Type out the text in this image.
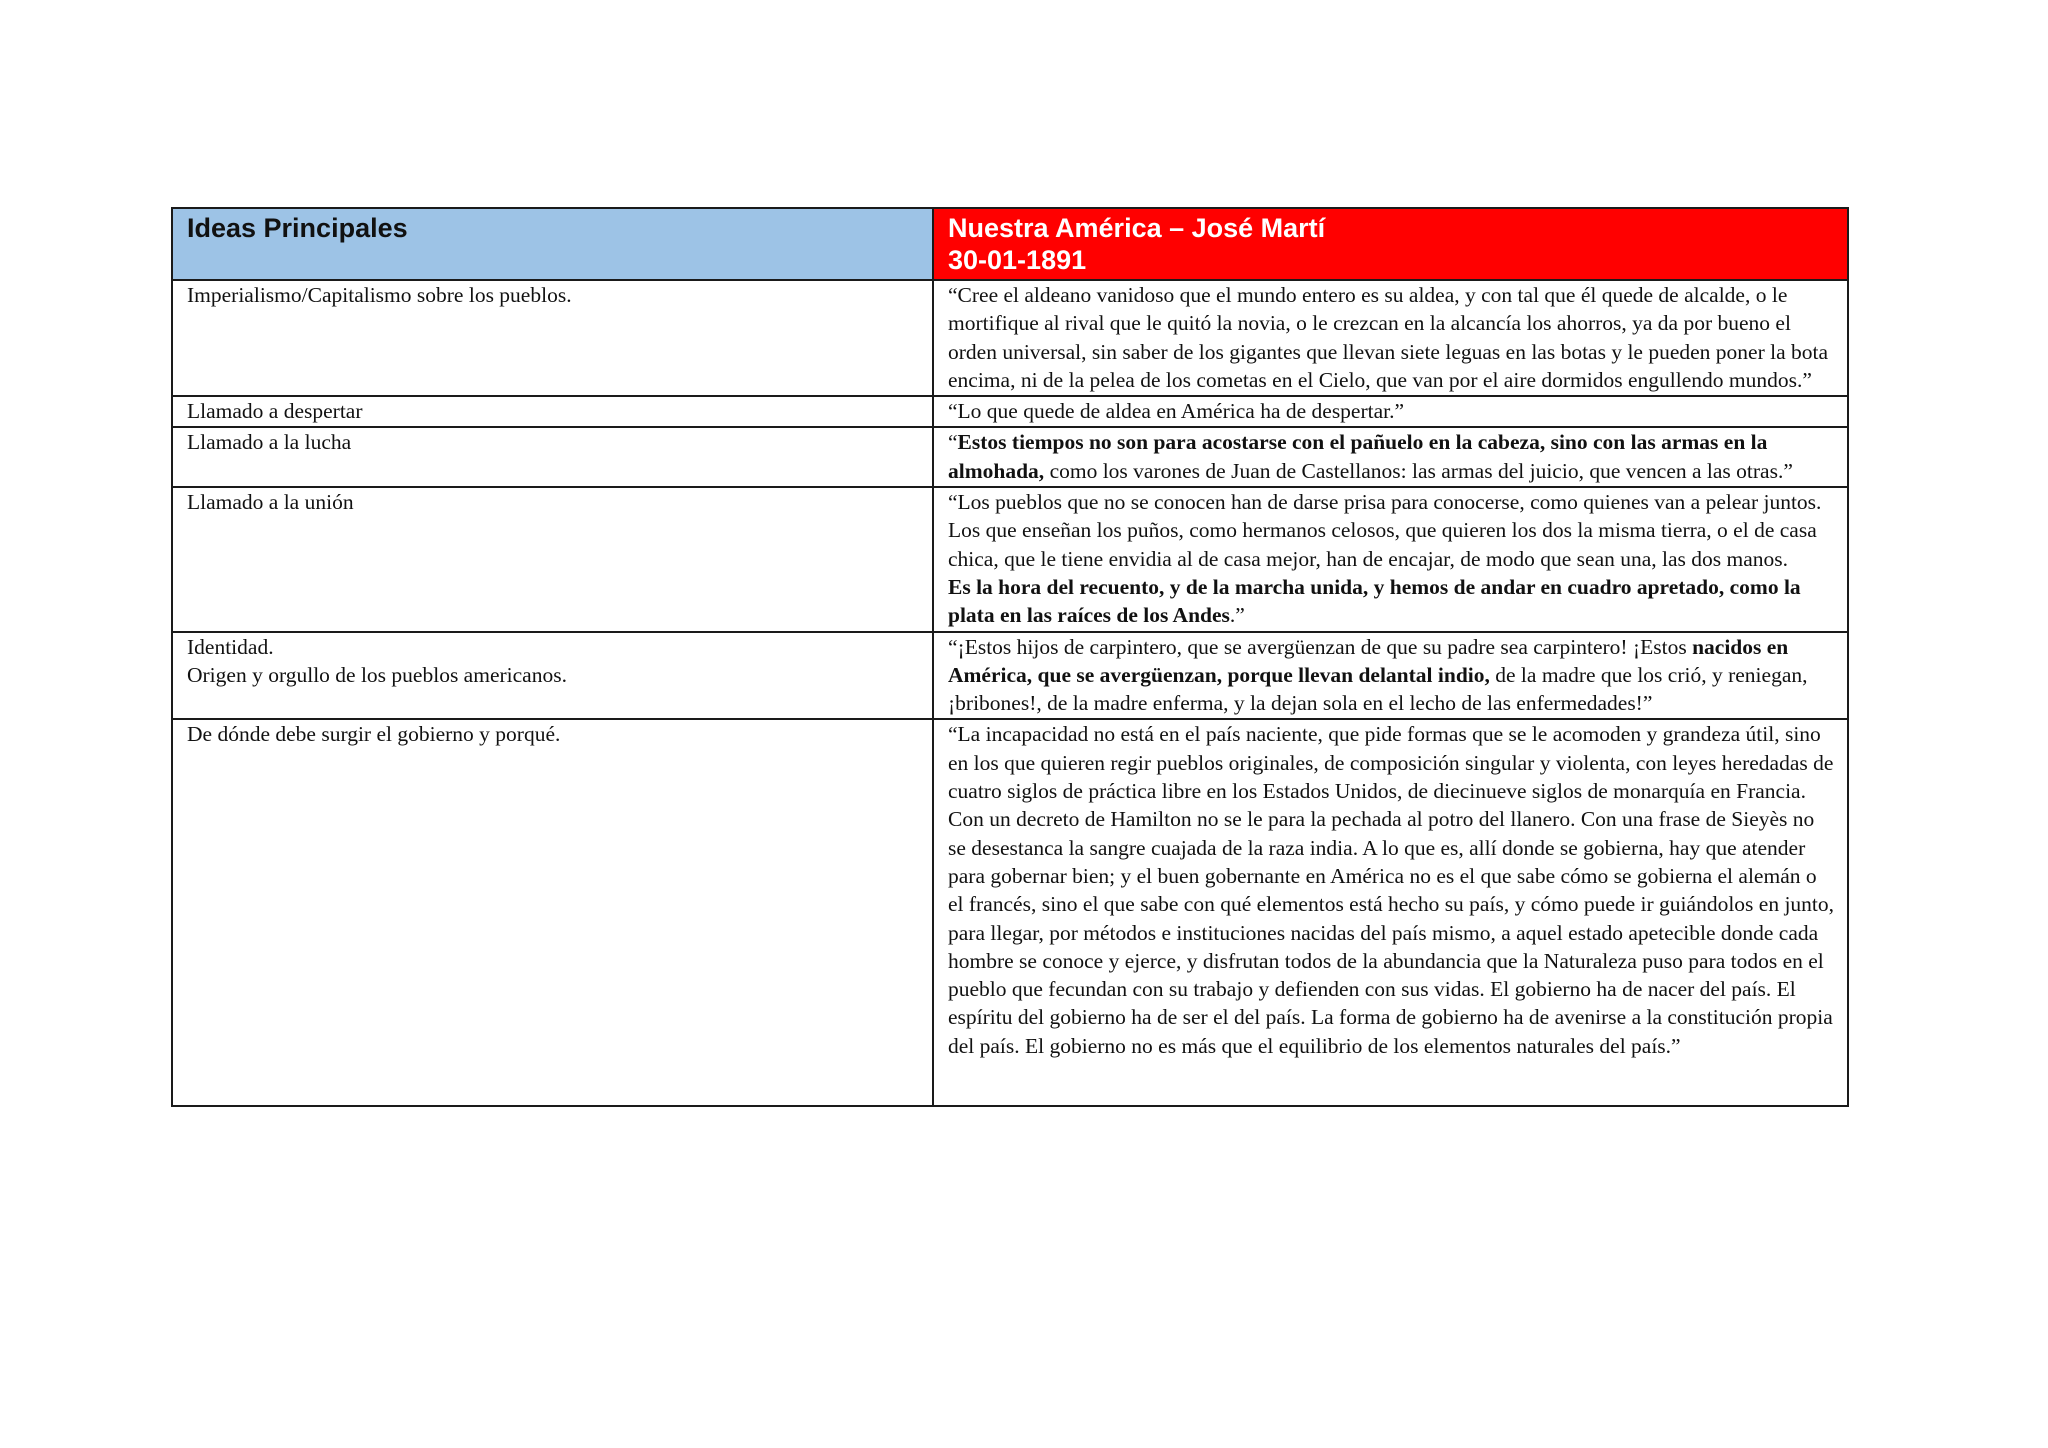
Ideas Principales	Nuestra América – José Martí
30-01-1891

Imperialismo/Capitalismo sobre los pueblos.	“Cree el aldeano vanidoso que el mundo entero es su aldea, y con tal que él quede de alcalde, o le mortifique al rival que le quitó la novia, o le crezcan en la alcancía los ahorros, ya da por bueno el orden universal, sin saber de los gigantes que llevan siete leguas en las botas y le pueden poner la bota encima, ni de la pelea de los cometas en el Cielo, que van por el aire dormidos engullendo mundos.”
Llamado a despertar	“Lo que quede de aldea en América ha de despertar.”
Llamado a la lucha	“Estos tiempos no son para acostarse con el pañuelo en la cabeza, sino con las armas en la almohada, como los varones de Juan de Castellanos: las armas del juicio, que vencen a las otras.”
Llamado a la unión	“Los pueblos que no se conocen han de darse prisa para conocerse, como quienes van a pelear juntos. Los que enseñan los puños, como hermanos celosos, que quieren los dos la misma tierra, o el de casa chica, que le tiene envidia al de casa mejor, han de encajar, de modo que sean una, las dos manos.
Es la hora del recuento, y de la marcha unida, y hemos de andar en cuadro apretado, como la plata en las raíces de los Andes.”

Identidad.
Origen y orgullo de los pueblos americanos.	“¡Estos hijos de carpintero, que se avergüenzan de que su padre sea carpintero! ¡Estos nacidos en América, que se avergüenzan, porque llevan delantal indio, de la madre que los crió, y reniegan, ¡bribones!, de la madre enferma, y la dejan sola en el lecho de las enfermedades!”
De dónde debe surgir el gobierno y porqué.	“La incapacidad no está en el país naciente, que pide formas que se le acomoden y grandeza útil, sino en los que quieren regir pueblos originales, de composición singular y violenta, con leyes heredadas de cuatro siglos de práctica libre en los Estados Unidos, de diecinueve siglos de monarquía en Francia. Con un decreto de Hamilton no se le para la pechada al potro del llanero. Con una frase de Sieyès no se desestanca la sangre cuajada de la raza india. A lo que es, allí donde se gobierna, hay que atender para gobernar bien; y el buen gobernante en América no es el que sabe cómo se gobierna el alemán o el francés, sino el que sabe con qué elementos está hecho su país, y cómo puede ir guiándolos en junto, para llegar, por métodos e instituciones nacidas del país mismo, a aquel estado apetecible donde cada hombre se conoce y ejerce, y disfrutan todos de la abundancia que la Naturaleza puso para todos en el pueblo que fecundan con su trabajo y defienden con sus vidas. El gobierno ha de nacer del país. El espíritu del gobierno ha de ser el del país. La forma de gobierno ha de avenirse a la constitución propia del país. El gobierno no es más que el equilibrio de los elementos naturales del país.”
